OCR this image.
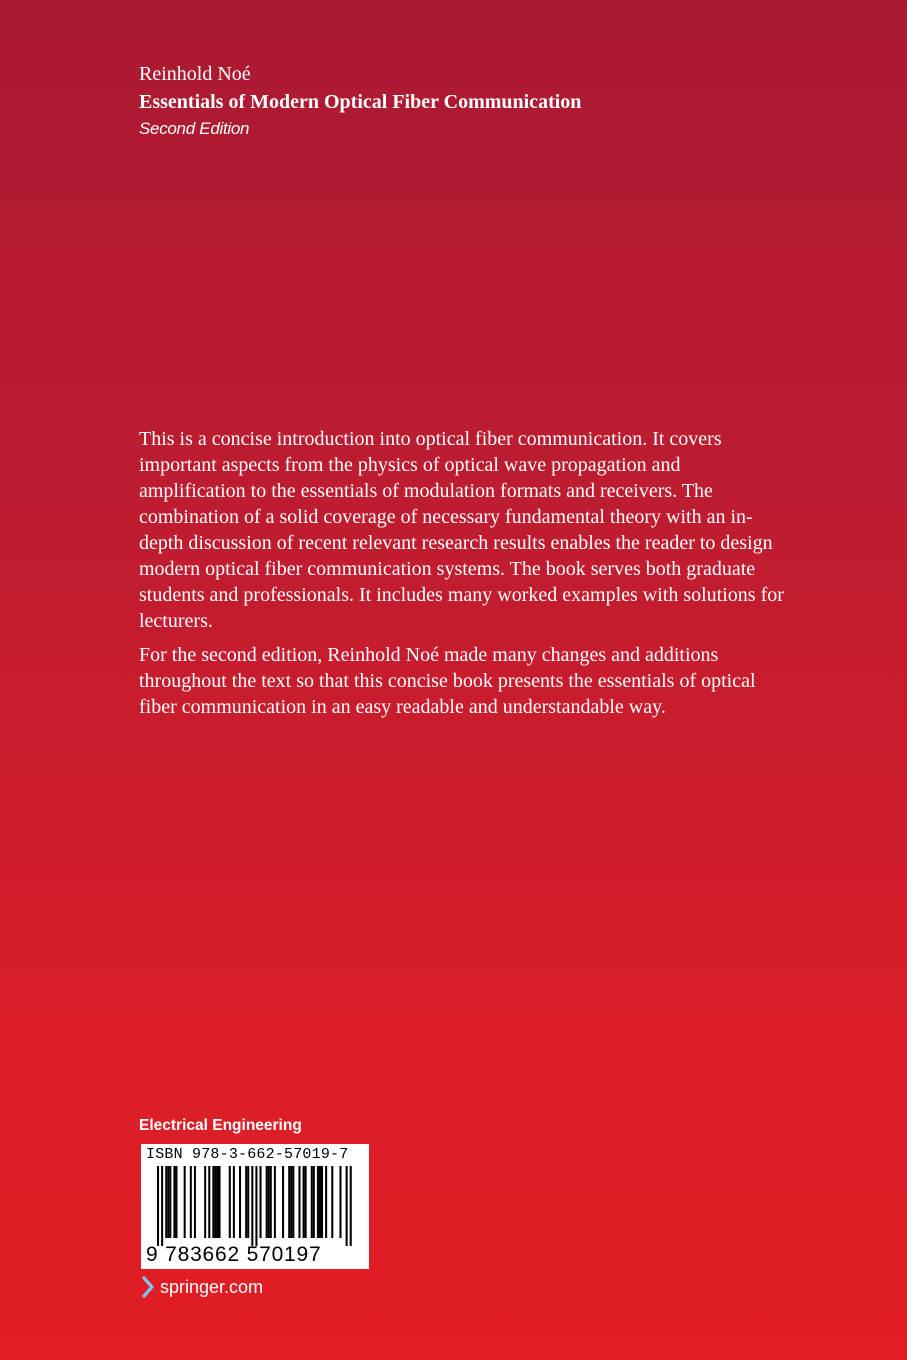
Reinhold Noé
Essentials of Modern Optical Fiber Communication
Second Edition

This is a concise introduction into optical fiber communication. It covers important aspects from the physics of optical wave propagation and amplification to the essentials of modulation formats and receivers. The combination of a solid coverage of necessary fundamental theory with an in-depth discussion of recent relevant research results enables the reader to design modern optical fiber communication systems. The book serves both graduate students and professionals. It includes many worked examples with solutions for lecturers.

For the second edition, Reinhold Noé made many changes and additions throughout the text so that this concise book presents the essentials of optical fiber communication in an easy readable and understandable way.

Electrical Engineering
ISBN 978-3-662-57019-7
9 783662 570197
springer.com
